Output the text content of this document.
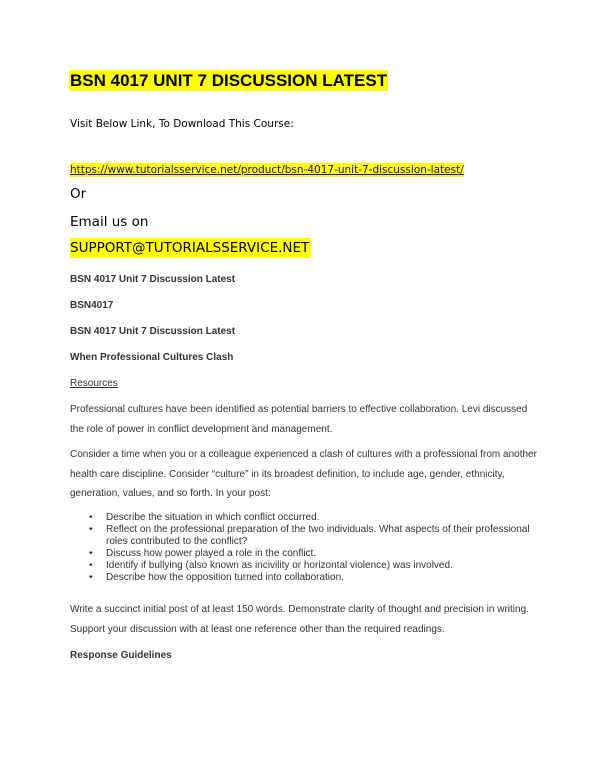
BSN 4017 UNIT 7 DISCUSSION LATEST
Visit Below Link, To Download This Course:
https://www.tutorialsservice.net/product/bsn-4017-unit-7-discussion-latest/
Or
Email us on
SUPPORT@TUTORIALSSERVICE.NET
BSN 4017 Unit 7 Discussion Latest
BSN4017
BSN 4017 Unit 7 Discussion Latest
When Professional Cultures Clash
Resources
Professional cultures have been identified as potential barriers to effective collaboration. Levi discussed the role of power in conflict development and management.
Consider a time when you or a colleague experienced a clash of cultures with a professional from another health care discipline. Consider “culture” in its broadest definition, to include age, gender, ethnicity, generation, values, and so forth. In your post:
• Describe the situation in which conflict occurred.
• Reflect on the professional preparation of the two individuals. What aspects of their professional roles contributed to the conflict?
• Discuss how power played a role in the conflict.
• Identify if bullying (also known as incivility or horizontal violence) was involved.
• Describe how the opposition turned into collaboration.
Write a succinct initial post of at least 150 words. Demonstrate clarity of thought and precision in writing. Support your discussion with at least one reference other than the required readings.
Response Guidelines
